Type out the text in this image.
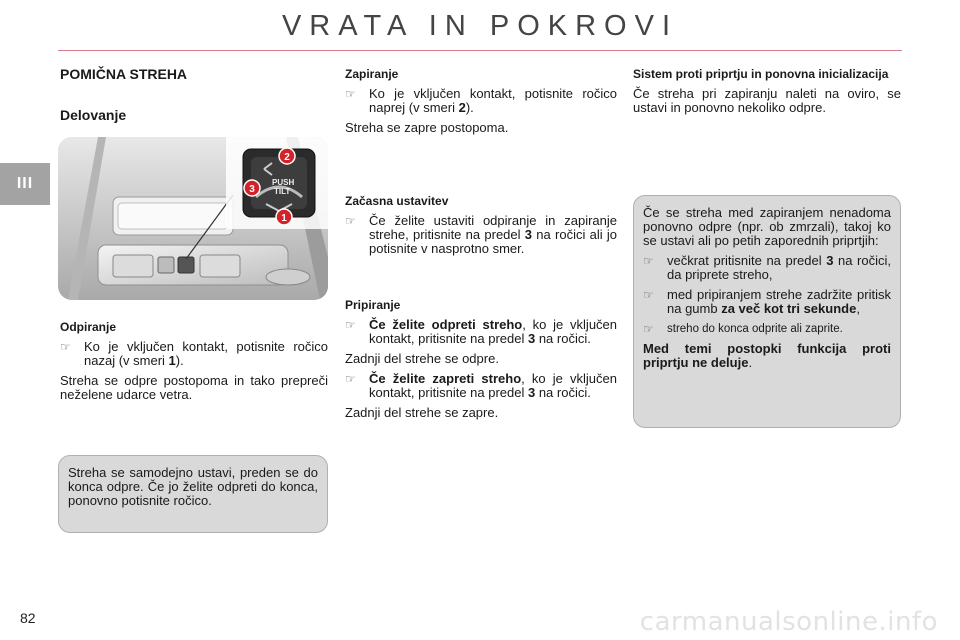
VRATA IN POKROVI
III

POMIČNA STREHA

Delovanje

PUSH
TILT
2
3
1

Odpiranje

☞ Ko je vključen kontakt, potisnite ročico nazaj (v smeri 1).

Streha se odpre postopoma in tako prepreči neželene udarce vetra.

Streha se samodejno ustavi, preden se do konca odpre. Če jo želite odpreti do konca, ponovno potisnite ročico.

Zapiranje

☞ Ko je vključen kontakt, potisnite ročico naprej (v smeri 2).

Streha se zapre postopoma.

Začasna ustavitev

☞ Če želite ustaviti odpiranje in zapiranje strehe, pritisnite na predel 3 na ročici ali jo potisnite v nasprotno smer.

Pripiranje

☞ Če želite odpreti streho, ko je vključen kontakt, pritisnite na predel 3 na ročici.

Zadnji del strehe se odpre.

☞ Če želite zapreti streho, ko je vključen kontakt, pritisnite na predel 3 na ročici.

Zadnji del strehe se zapre.

Sistem proti priprtju in ponovna inicializacija

Če streha pri zapiranju naleti na oviro, se ustavi in ponovno nekoliko odpre.

Če se streha med zapiranjem nenadoma ponovno odpre (npr. ob zmrzali), takoj ko se ustavi ali po petih zaporednih priprtjih:

☞ večkrat pritisnite na predel 3 na ročici, da priprete streho,

☞ med pripiranjem strehe zadržite pritisk na gumb za več kot tri sekunde,

☞ streho do konca odprite ali zaprite.

Med temi postopki funkcija proti priprtju ne deluje.

82	carmanualsonline.info
